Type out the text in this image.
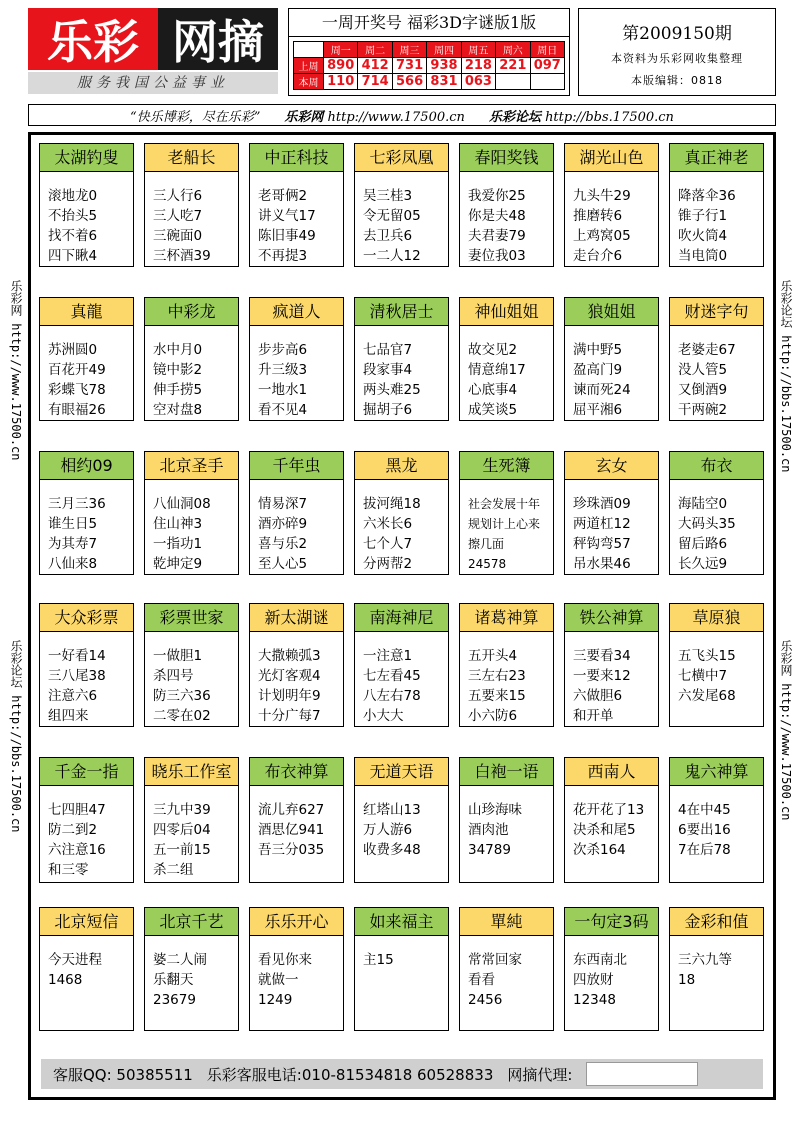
乐彩 网摘
服务我国公益事业
一周开奖号 福彩3D字谜版1版
	周一	周二	周三	周四	周五	周六	周日
上周	890	412	731	938	218	221	097
本周	110	714	566	831	063		
第2009150期
本资料为乐彩网收集整理
本版编辑：0818
“快乐博彩，尽在乐彩” 乐彩网 http://www.17500.cn 乐彩论坛 http://bbs.17500.cn
乐彩网 http://www.17500.cn
乐彩论坛 http://bbs.17500.cn
乐彩论坛 http://bbs.17500.cn
乐彩网 http://www.17500.cn
太湖钓叟
滚地龙0
不抬头5
找不着6
四下瞅4
老船长
三人行6
三人吃7
三碗面0
三杯酒39
中正科技
老哥俩2
讲义气17
陈旧事49
不再提3
七彩凤凰
吴三桂3
令无留05
去卫兵6
一二人12
春阳奖钱
我爱你25
你是夫48
夫君妻79
妻位我03
湖光山色
九头牛29
推磨转6
上鸡窝05
走台介6
真正神老
降落伞36
锥子行1
吹火筒4
当电筒0
真龍
苏洲圆0
百花开49
彩蝶飞78
有眼福26
中彩龙
水中月0
镜中影2
伸手捞5
空对盘8
疯道人
步步高6
升三级3
一地水1
看不见4
清秋居士
七品官7
段家事4
两头难25
掘胡子6
神仙姐姐
故交见2
情意绵17
心底事4
成笑谈5
狼姐姐
满中野5
盈高门9
谏而死24
屈平湘6
财迷字句
老婆走67
没人管5
又倒酒9
干两碗2
相约09
三月三36
谁生日5
为其寿7
八仙来8
北京圣手
八仙洞08
住山神3
一指功1
乾坤定9
千年虫
情易深7
酒亦碎9
喜与乐2
至人心5
黑龙
拔河绳18
六米长6
七个人7
分两帮2
生死簿
社会发展十年
规划计上心来
擦几面
24578
玄女
珍珠酒09
两道杠12
秤钩弯57
吊水果46
布衣
海陆空0
大码头35
留后路6
长久远9
大众彩票
一好看14
三八尾38
注意六6
组四来
彩票世家
一做胆1
杀四号
防三六36
二零在02
新太湖谜
大撒赖弧3
光灯客观4
计划明年9
十分广每7
南海神尼
一注意1
七左看45
八左右78
小大大
诸葛神算
五开头4
三左右23
五要来15
小六防6
铁公神算
三要看34
一要来12
六做胆6
和开单
草原狼
五飞头15
七横中7
六发尾68
千金一指
七四胆47
防二到2
六注意16
和三零
晓乐工作室
三九中39
四零后04
五一前15
杀二组
布衣神算
流儿弃627
酒思亿941
吾三分035
无道天语
红塔山13
万人游6
收费多48
白袍一语
山珍海味
酒肉池
34789
西南人
花开花了13
决杀和尾5
次杀164
鬼六神算
4在中45
6要出16
7在后78
北京短信
今天进程
1468
北京千艺
婆二人闹
乐翻天
23679
乐乐开心
看见你来
就做一
1249
如来福主
主15
單純
常常回家
看看
2456
一句定3码
东西南北
四放财
12348
金彩和值
三六九等
18
客服QQ: 50385511 乐彩客服电话:010-81534818 60528833 网摘代理:
